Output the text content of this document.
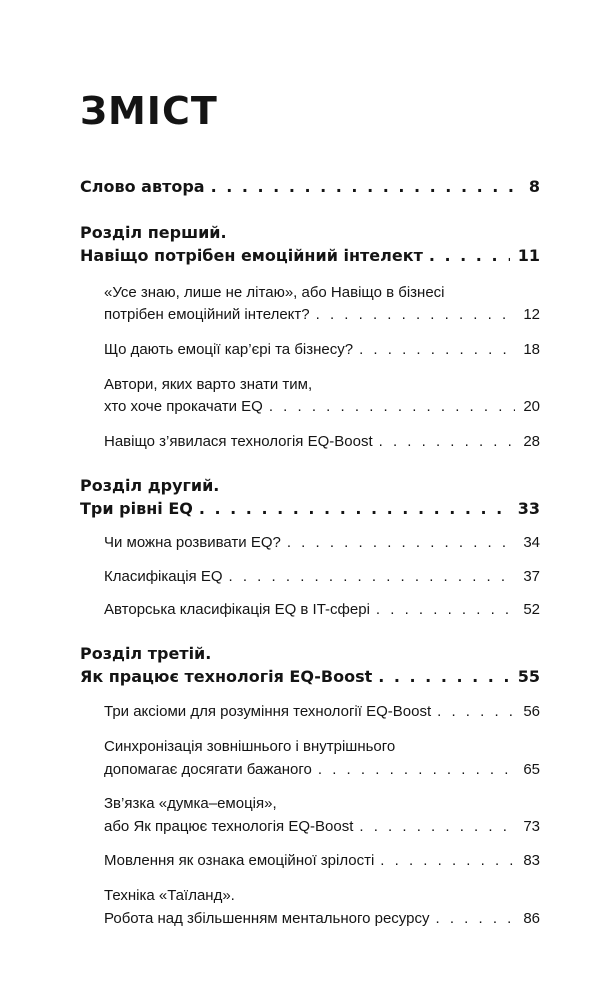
ЗМІСТ
Слово автора . . .	8
Розділ перший.
Навіщо потрібен емоційний інтелект . . .	11
«Усе знаю, лише не літаю», або Навіщо в бізнесі
потрібен емоційний інтелект? . . .	12
Що дають емоції кар’єрі та бізнесу? . . .	18
Автори, яких варто знати тим,
хто хоче прокачати EQ . . .	20
Навіщо з’явилася технологія EQ-Boost . . .	28
Розділ другий.
Три рівні EQ . . .	33
Чи можна розвивати EQ? . . .	34
Класифікація EQ . . .	37
Авторська класифікація EQ в IT-сфері . . .	52
Розділ третій.
Як працює технологія EQ-Boost . . .	55
Три аксіоми для розуміння технології EQ-Boost . . .	56
Синхронізація зовнішнього і внутрішнього
допомагає досягати бажаного . . .	65
Зв’язка «думка–емоція»,
або Як працює технологія EQ-Boost . . .	73
Мовлення як ознака емоційної зрілості . . .	83
Техніка «Таїланд».
Робота над збільшенням ментального ресурсу . . .	86
